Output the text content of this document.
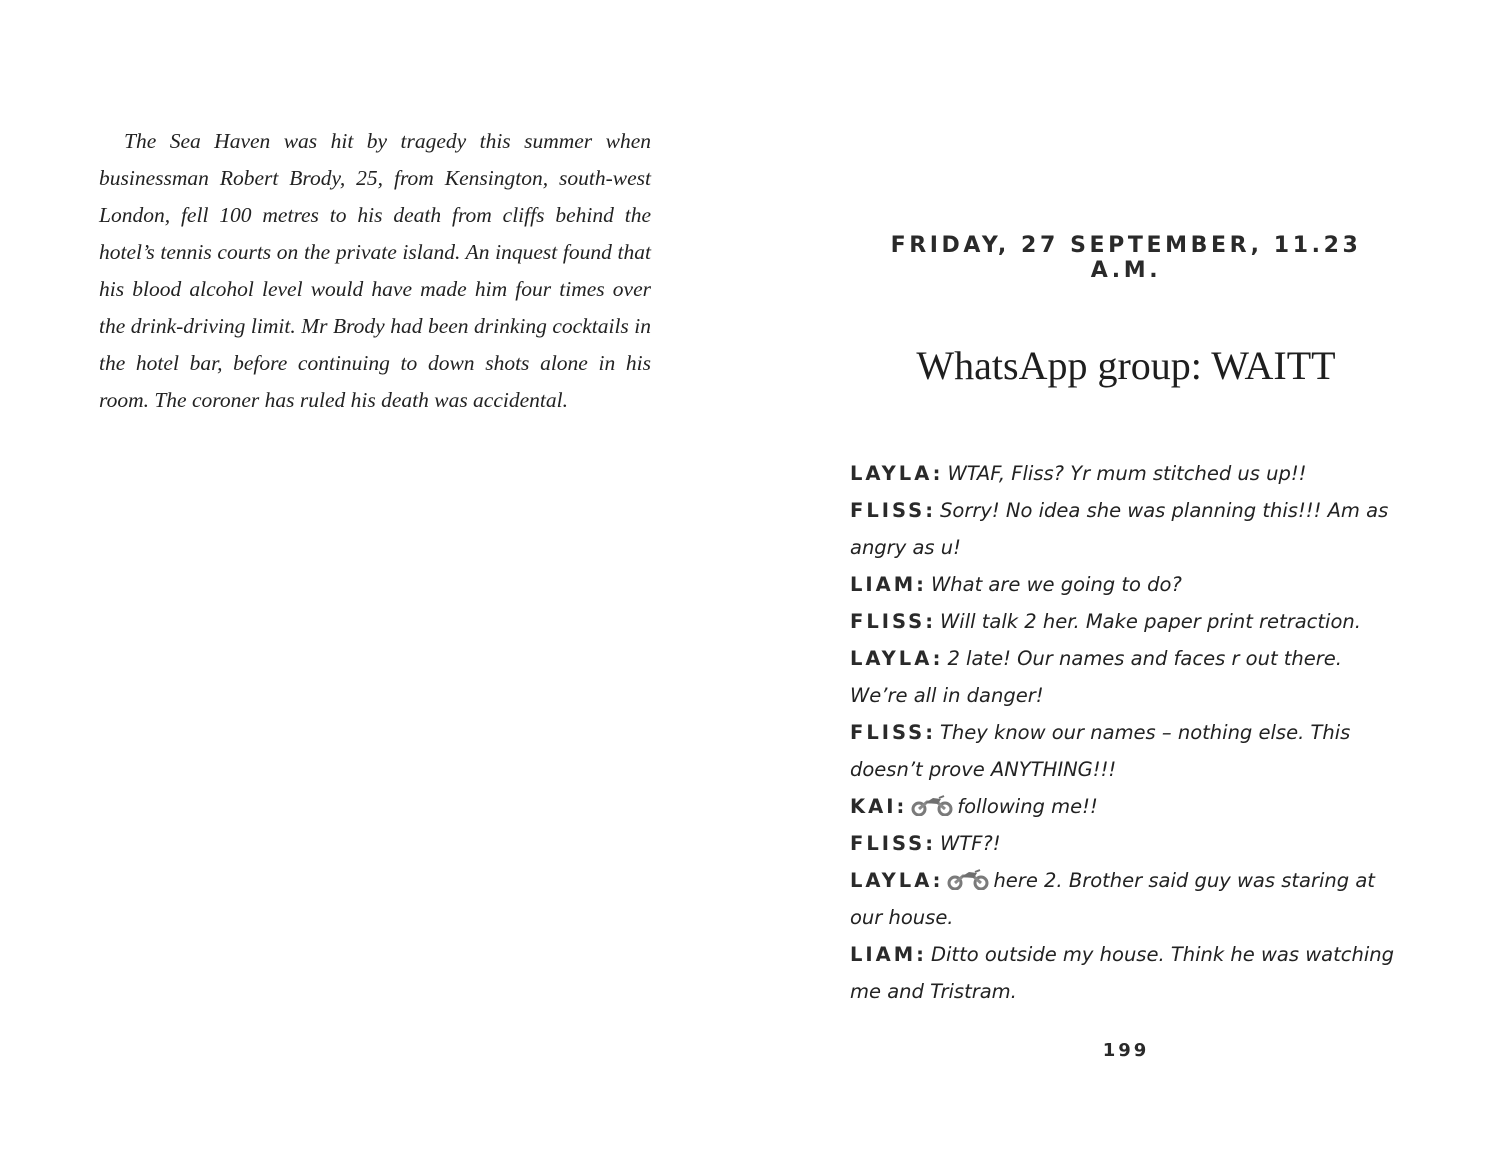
The Sea Haven was hit by tragedy this summer when businessman Robert Brody, 25, from Kensington, south-west London, fell 100 metres to his death from cliffs behind the hotel’s tennis courts on the private island. An inquest found that his blood alcohol level would have made him four times over the drink-driving limit. Mr Brody had been drinking cocktails in the hotel bar, before continuing to down shots alone in his room. The coroner has ruled his death was accidental.

FRIDAY, 27 SEPTEMBER, 11.23 A.M.
WhatsApp group: WAITT
LAYLA: WTAF, Fliss? Yr mum stitched us up!!
FLISS: Sorry! No idea she was planning this!!! Am as angry as u!
LIAM: What are we going to do?
FLISS: Will talk 2 her. Make paper print retraction.
LAYLA: 2 late! Our names and faces r out there. We’re all in danger!
FLISS: They know our names – nothing else. This doesn’t prove ANYTHING!!!
KAI:	following me!!
FLISS: WTF?!
LAYLA:	here 2. Brother said guy was staring at our house.
LIAM: Ditto outside my house. Think he was watching me and Tristram.
199
